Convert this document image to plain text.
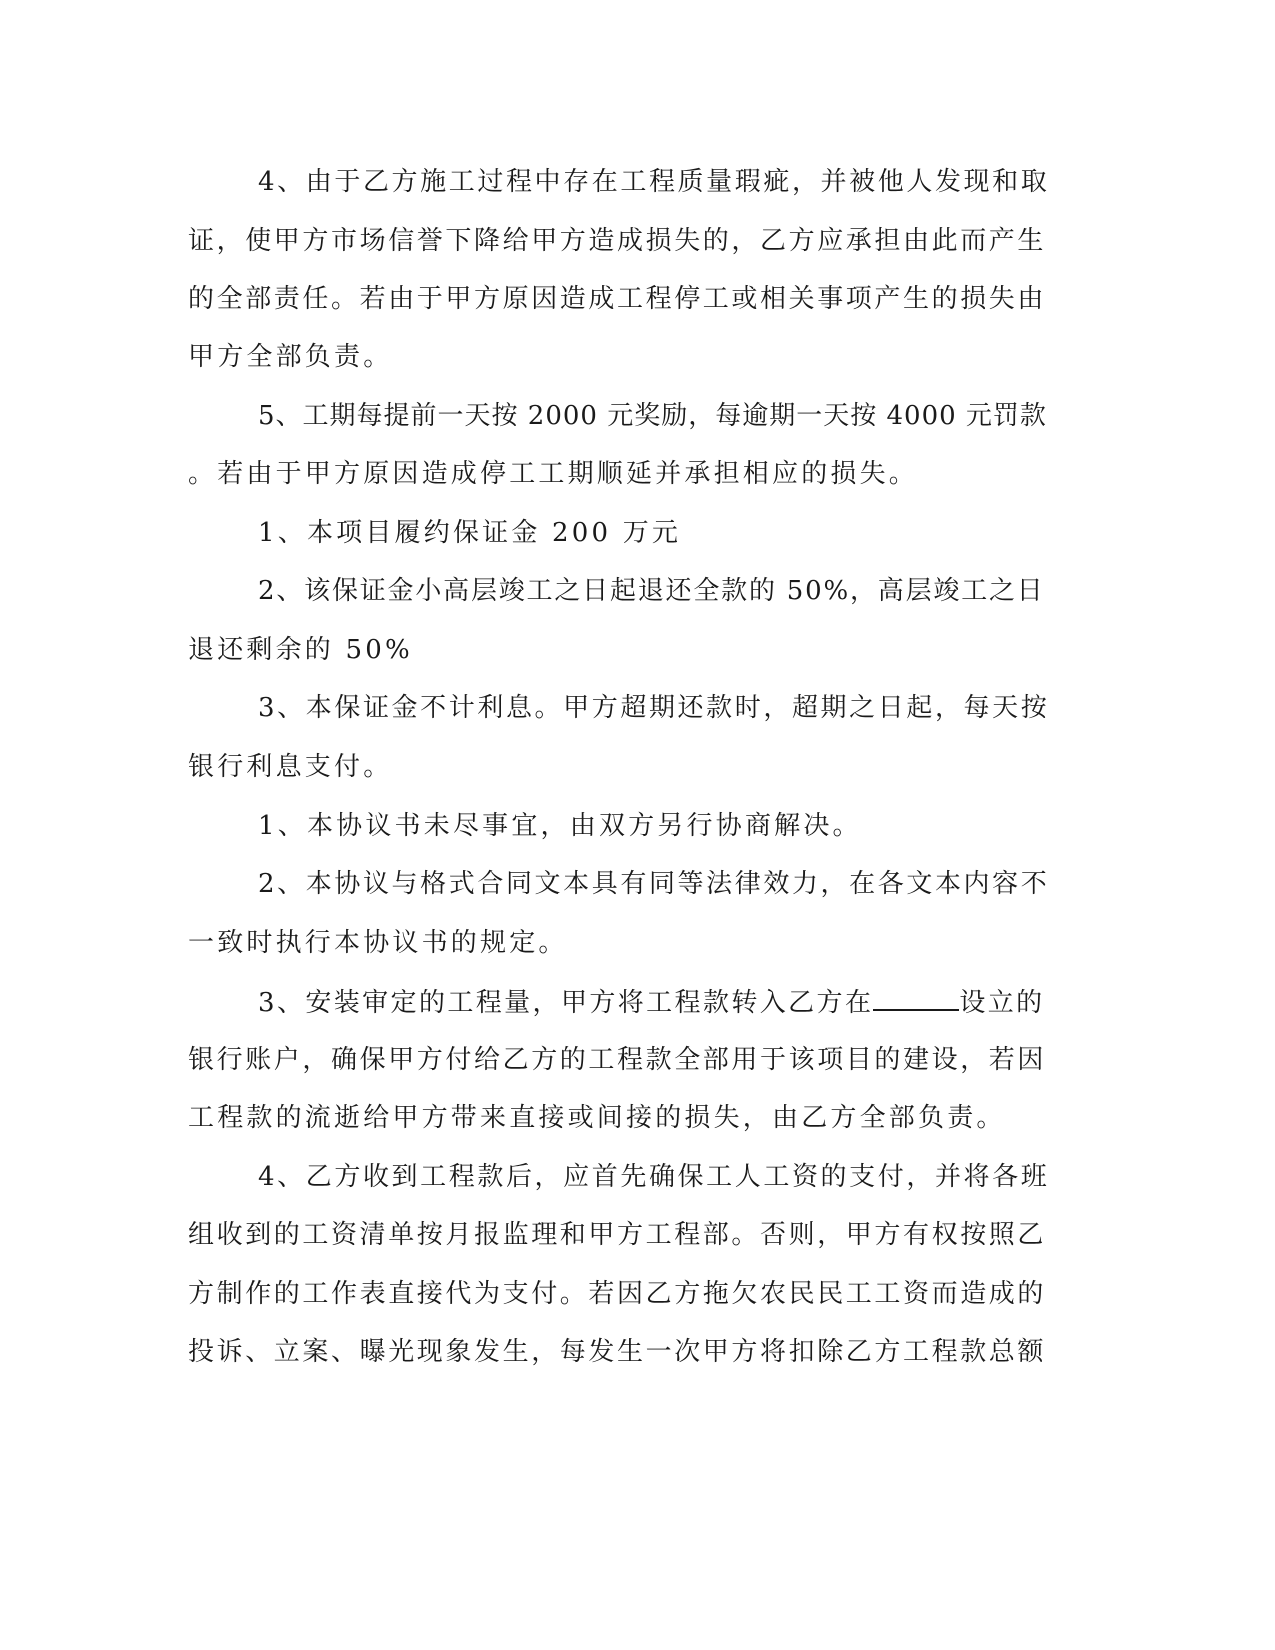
4、由于乙方施工过程中存在工程质量瑕疵，并被他人发现和取

证，使甲方市场信誉下降给甲方造成损失的，乙方应承担由此而产生

的全部责任。若由于甲方原因造成工程停工或相关事项产生的损失由

甲方全部负责。

5、工期每提前一天按 2000 元奖励，每逾期一天按 4000 元罚款

。若由于甲方原因造成停工工期顺延并承担相应的损失。

1、本项目履约保证金 200 万元

2、该保证金小高层竣工之日起退还全款的 50%，高层竣工之日

退还剩余的 50%

3、本保证金不计利息。甲方超期还款时，超期之日起，每天按

银行利息支付。

1、本协议书未尽事宜，由双方另行协商解决。

2、本协议与格式合同文本具有同等法律效力，在各文本内容不

一致时执行本协议书的规定。

3、安装审定的工程量，甲方将工程款转入乙方在	设立的

银行账户，确保甲方付给乙方的工程款全部用于该项目的建设，若因

工程款的流逝给甲方带来直接或间接的损失，由乙方全部负责。

4、乙方收到工程款后，应首先确保工人工资的支付，并将各班

组收到的工资清单按月报监理和甲方工程部。否则，甲方有权按照乙

方制作的工作表直接代为支付。若因乙方拖欠农民民工工资而造成的

投诉、立案、曝光现象发生，每发生一次甲方将扣除乙方工程款总额
